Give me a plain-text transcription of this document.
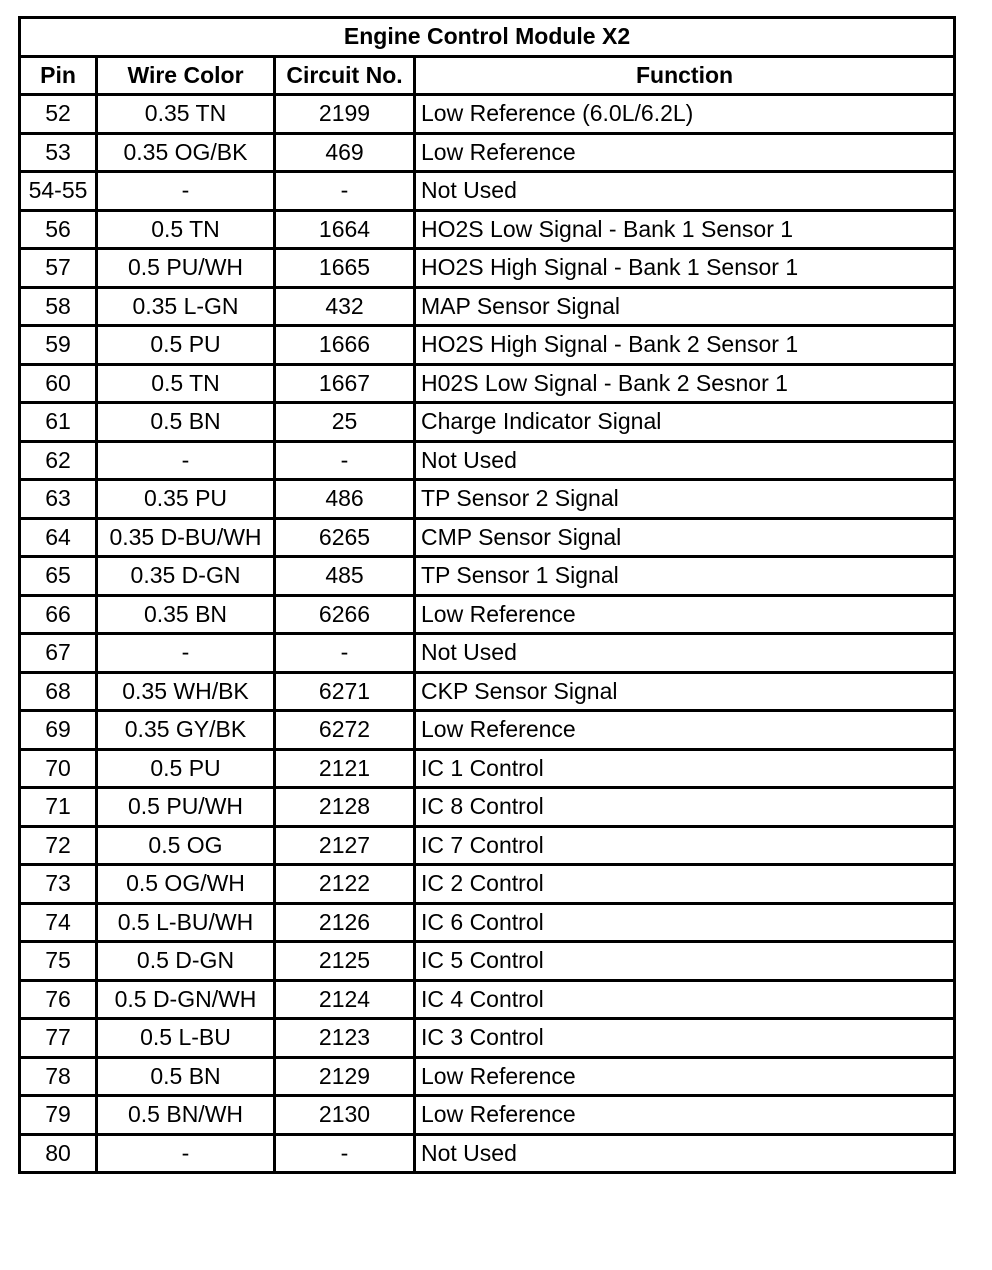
Engine Control Module X2			
Pin	Wire Color	Circuit No.	Function
52	0.35 TN	2199	Low Reference (6.0L/6.2L)
53	0.35 OG/BK	469	Low Reference
54-55	-	-	Not Used
56	0.5 TN	1664	HO2S Low Signal - Bank 1 Sensor 1
57	0.5 PU/WH	1665	HO2S High Signal - Bank 1 Sensor 1
58	0.35 L-GN	432	MAP Sensor Signal
59	0.5 PU	1666	HO2S High Signal - Bank 2 Sensor 1
60	0.5 TN	1667	H02S Low Signal - Bank 2 Sesnor 1
61	0.5 BN	25	Charge Indicator Signal
62	-	-	Not Used
63	0.35 PU	486	TP Sensor 2 Signal
64	0.35 D-BU/WH	6265	CMP Sensor Signal
65	0.35 D-GN	485	TP Sensor 1 Signal
66	0.35 BN	6266	Low Reference
67	-	-	Not Used
68	0.35 WH/BK	6271	CKP Sensor Signal
69	0.35 GY/BK	6272	Low Reference
70	0.5 PU	2121	IC 1 Control
71	0.5 PU/WH	2128	IC 8 Control
72	0.5 OG	2127	IC 7 Control
73	0.5 OG/WH	2122	IC 2 Control
74	0.5 L-BU/WH	2126	IC 6 Control
75	0.5 D-GN	2125	IC 5 Control
76	0.5 D-GN/WH	2124	IC 4 Control
77	0.5 L-BU	2123	IC 3 Control
78	0.5 BN	2129	Low Reference
79	0.5 BN/WH	2130	Low Reference
80	-	-	Not Used
